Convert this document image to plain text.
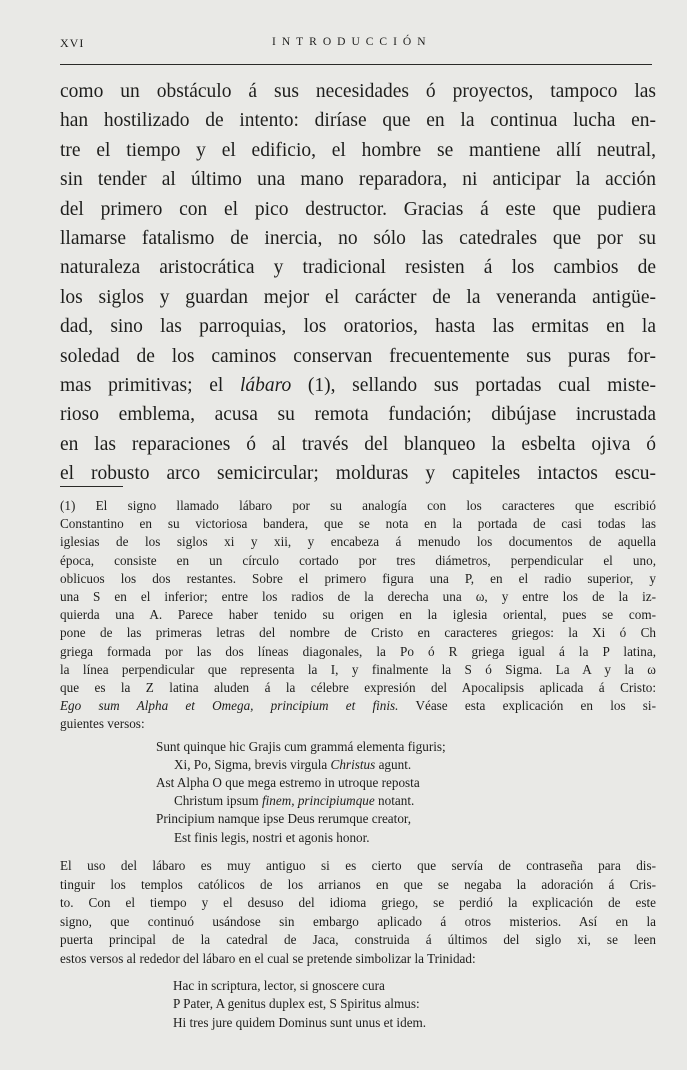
XVI	INTRODUCCIÓN
como un obstáculo á sus necesidades ó proyectos, tampoco las
han hostilizado de intento: diríase que en la continua lucha en-
tre el tiempo y el edificio, el hombre se mantiene allí neutral,
sin tender al último una mano reparadora, ni anticipar la acción
del primero con el pico destructor. Gracias á este que pudiera
llamarse fatalismo de inercia, no sólo las catedrales que por su
naturaleza aristocrática y tradicional resisten á los cambios de
los siglos y guardan mejor el carácter de la veneranda antigüe-
dad, sino las parroquias, los oratorios, hasta las ermitas en la
soledad de los caminos conservan frecuentemente sus puras for-
mas primitivas; el lábaro (1), sellando sus portadas cual miste-
rioso emblema, acusa su remota fundación; dibújase incrustada
en las reparaciones ó al través del blanqueo la esbelta ojiva ó
el robusto arco semicircular; molduras y capiteles intactos escu-
(1) El signo llamado lábaro por su analogía con los caracteres que escribió
Constantino en su victoriosa bandera, que se nota en la portada de casi todas las
iglesias de los siglos xi y xii, y encabeza á menudo los documentos de aquella
época, consiste en un círculo cortado por tres diámetros, perpendicular el uno,
oblicuos los dos restantes. Sobre el primero figura una P, en el radio superior, y
una S en el inferior; entre los radios de la derecha una ω, y entre los de la iz-
quierda una A. Parece haber tenido su origen en la iglesia oriental, pues se com-
pone de las primeras letras del nombre de Cristo en caracteres griegos: la Xi ó Ch
griega formada por las dos líneas diagonales, la Po ó R griega igual á la P latina,
la línea perpendicular que representa la I, y finalmente la S ó Sigma. La A y la ω
que es la Z latina aluden á la célebre expresión del Apocalipsis aplicada á Cristo:
Ego sum Alpha et Omega, principium et finis. Véase esta explicación en los si-
guientes versos:
Sunt quinque hic Grajis cum grammá elementa figuris;
Xi, Po, Sigma, brevis virgula Christus agunt.
Ast Alpha O que mega estremo in utroque reposta
Christum ipsum finem, principiumque notant.
Principium namque ipse Deus rerumque creator,
Est finis legis, nostri et agonis honor.
El uso del lábaro es muy antiguo si es cierto que servía de contraseña para dis-
tinguir los templos católicos de los arrianos en que se negaba la adoración á Cris-
to. Con el tiempo y el desuso del idioma griego, se perdió la explicación de este
signo, que continuó usándose sin embargo aplicado á otros misterios. Así en la
puerta principal de la catedral de Jaca, construida á últimos del siglo xi, se leen
estos versos al rededor del lábaro en el cual se pretende simbolizar la Trinidad:
Hac in scriptura, lector, si gnoscere cura
P Pater, A genitus duplex est, S Spiritus almus:
Hi tres jure quidem Dominus sunt unus et idem.
